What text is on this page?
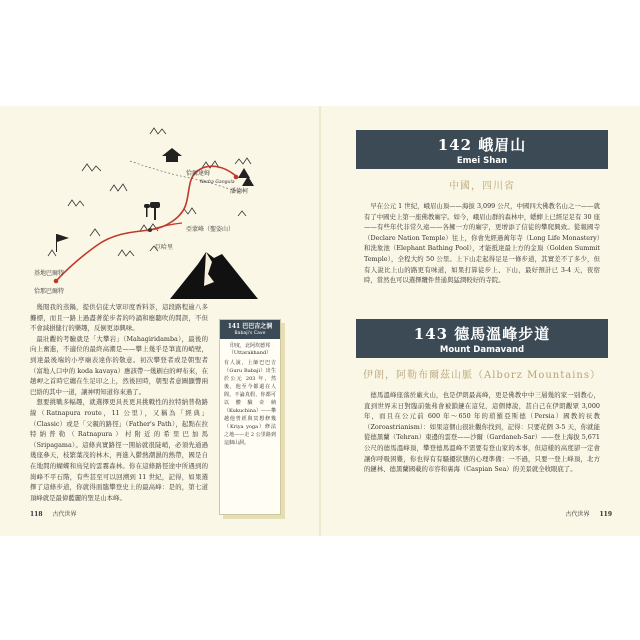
恰爾達姆
Narba Gangula
潘德柯
亞蒙峰（聖姿山）
巨哈里
基地巴爾特
恰那巴爾特

幾閱我的蒸鍋，提供信徒大眾印度香料茶，這段路程逾八多攤標，而且一路上過盡著從步者的吟誦和應聽吹的間誤，不但不會減損健行的樂趣，反倒更添興味。

最壯觀的考驗就是「大攀岩」（Mahagiridamba），最後的向上奮進，不適位的最終高潮是——攀上幾乎是筆直的峭壁，到達最後端的小亭廟表達你的敬意。初次攀登者或是朝聖者（富地人口中的 koda kavaya）應該帶一幾刷白的岬布來，在趟岬之首時它纏在生足印之上，然後回時，朝聖者意圖顯響兩巴絡的其中一道，讓神明知道你來過了。

想要挑戰多幅趣，就選擇更具長更具挑戰性的拉特納普勒路線（Ratnapura route，11 公里），又稱為「經典」（Classic）或是「父親的路徑」（Father's Path），起點在拉特納普勒（Ratnapura）村附近的希里巴加馬（Sripagama）。這條真實路徑一開始就很陡峭，必須先通過幾座參天，枝繁葉茂的林木，再進入鬱熱潮濕的熱帶，國是自在地間的蝴蝶和鳥兒的雲霧森林。你在這條路徑途中所遇到的崗峰不平石階，有些甚至可以回溯到 11 世紀，記得，如果選擇了這條步道，你就得面臨攀登史上的最高峰：是的，第七道頂峰就是最偉藍麗的聖足山本峰。

141 巴巴吉之洞
Babaji's Cave
印度，北阿坎德邦（Uttarakhand）
有人說，上師巴巴吉（Guru Babaji）出生於公元 203 年，然後，他至今都還在人間，不論真假，你都可以體驗奇納（Kukuchina）——攀越他曾經與冥想修幾（Kriya yoga）修法之地——走 2 公里路到這個山洞。
118 古代世界
142 峨眉山
Emei Shan
中國，四川省

早在公元 1 世紀，峨眉山頂——海拔 3,099 公尺，中國四大佛教名山之一——就有了中國史上第一座佛教廟宇。如今，峨眉山群的森林中，蟋蟀上已經足足有 30 座——有些年代非常久遠——各擁一方的廟宇，更增添了信徒的攀爬興致。從報國寺（Declare Nation Temple）往上，你會先經過萬年寺（Long Life Monastery）和洗象池（Elephant Bathing Pool），才能抵達最上方的金頂（Golden Summit Temple），全程大約 50 公里。上下山走起得足足一條步道，其實差不了多少，但有人說比上山的路更有味道，如果打算徒步上、下山，最好預計已 3-4 天，夜宿時，當然也可以選擇纜件普通與猛潤較好的寺院。

143 德馬溫峰步道
Mount Damavand
伊朗，阿勒布爾茲山脈（Alborz Mountains）

德馬溫峰座落於廠火山，也是伊朗最高峰，更是佛教中中三層幾的家一别教心，直到世界末日對臨前弛弗會被鎖鏈在這兒，這個傳說，甚自己在伊朗觀眾 3,000 年，而且在公元前 600 年～650 年的瑣羅亞斯德（Persia）國教的祆教（Zoroastrianism）：如果這個山很壯觀你找到，記得：只要花個 3-5 天，你就能從德黑蘭（Tehran）東邊的雲登——沙爾（Gardaneh-Sar）——登上海拔 5,671 公尺的德馬溫峰頂，攀登德馬溫峰不需要有登山家的本事，但這樣的高度卻一定會讓你呼吸困難，你也得有有騷擾狀態的心理準備：一不過，只要一登上峰頂，北方的鏈林、德黑蘭國載的市容和裏海（Caspian Sea）的美景就全收眼底了。

古代世界 119
